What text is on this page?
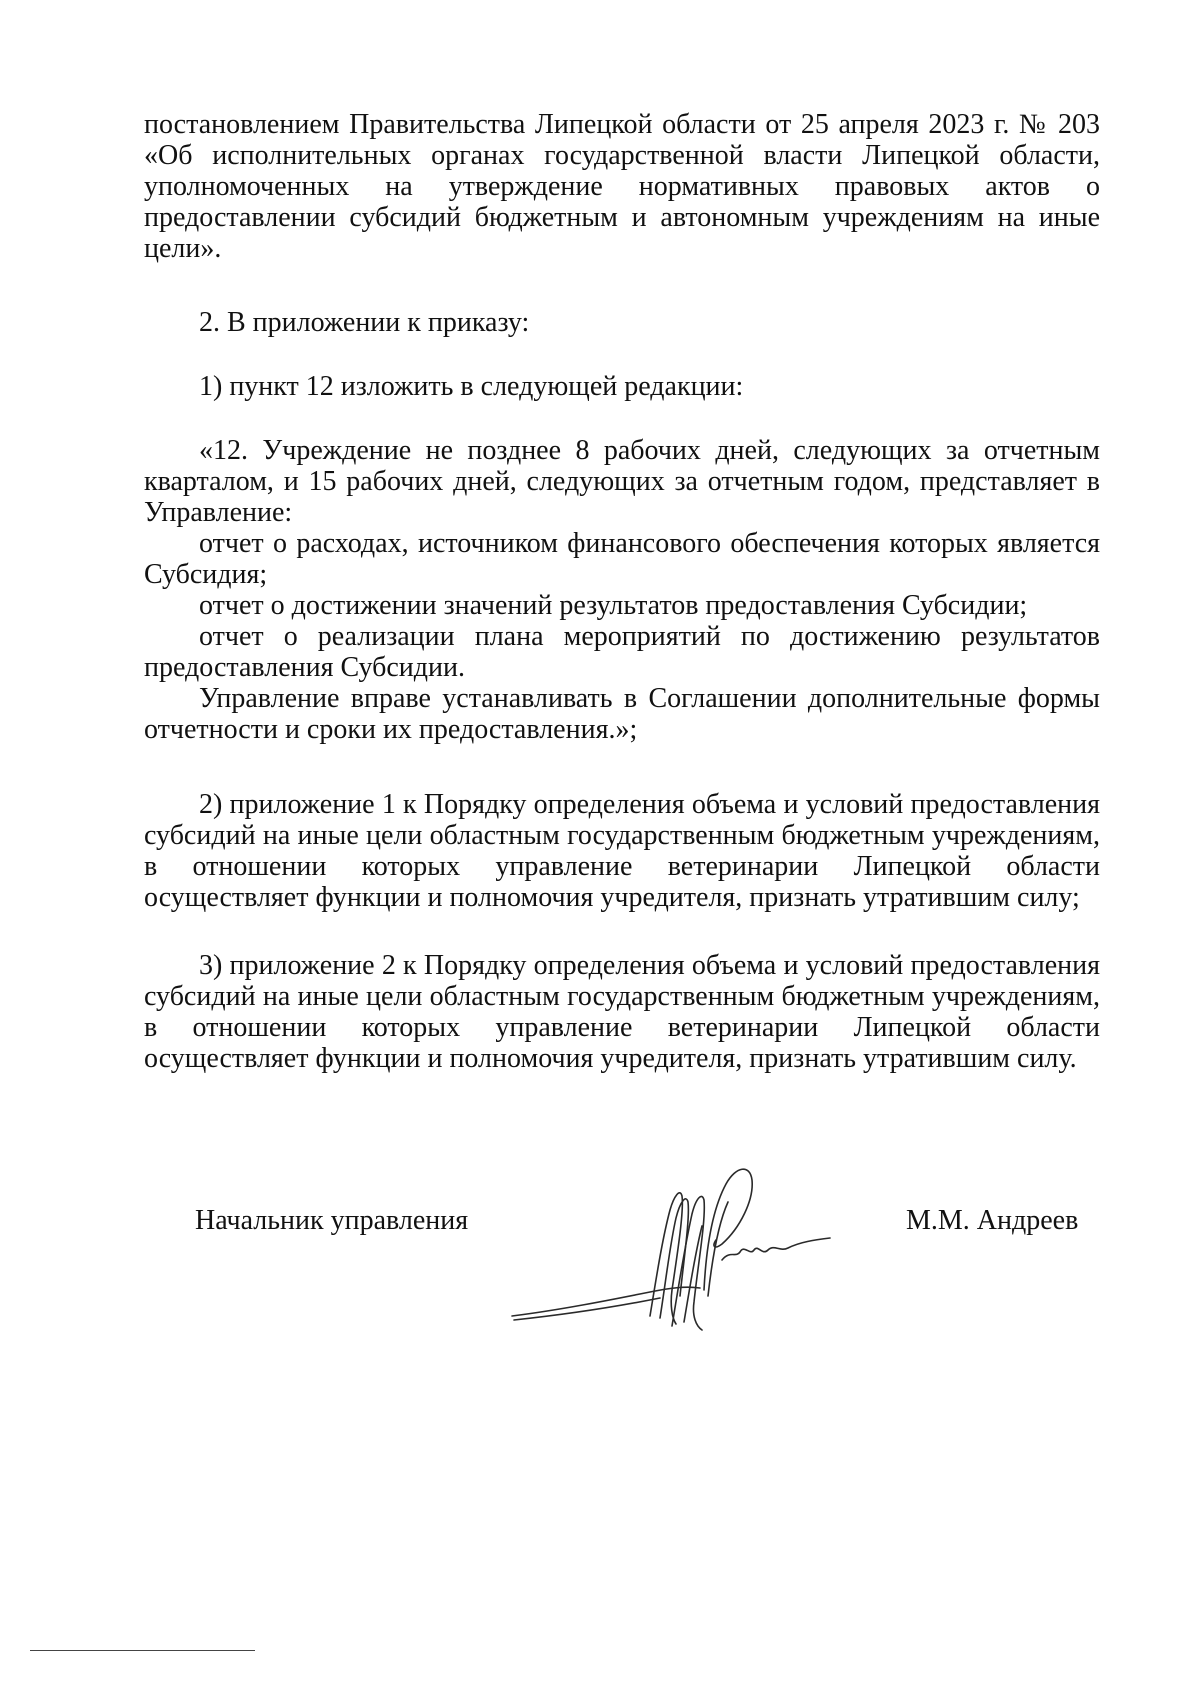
постановлением Правительства Липецкой области от 25 апреля 2023 г. № 203 «Об исполнительных органах государственной власти Липецкой области, уполномоченных на утверждение нормативных правовых актов о предоставлении субсидий бюджетным и автономным учреждениям на иные цели».

2. В приложении к приказу:

1) пункт 12 изложить в следующей редакции:

«12. Учреждение не позднее 8 рабочих дней, следующих за отчетным кварталом, и 15 рабочих дней, следующих за отчетным годом, представляет в Управление:

отчет о расходах, источником финансового обеспечения которых является Субсидия;

отчет о достижении значений результатов предоставления Субсидии;

отчет о реализации плана мероприятий по достижению результатов предоставления Субсидии.

Управление вправе устанавливать в Соглашении дополнительные формы отчетности и сроки их предоставления.»;

2) приложение 1 к Порядку определения объема и условий предоставления субсидий на иные цели областным государственным бюджетным учреждениям, в отношении которых управление ветеринарии Липецкой области осуществляет функции и полномочия учредителя, признать утратившим силу;

3) приложение 2 к Порядку определения объема и условий предоставления субсидий на иные цели областным государственным бюджетным учреждениям, в отношении которых управление ветеринарии Липецкой области осуществляет функции и полномочия учредителя, признать утратившим силу.

Начальник управления	М.М. Андреев
